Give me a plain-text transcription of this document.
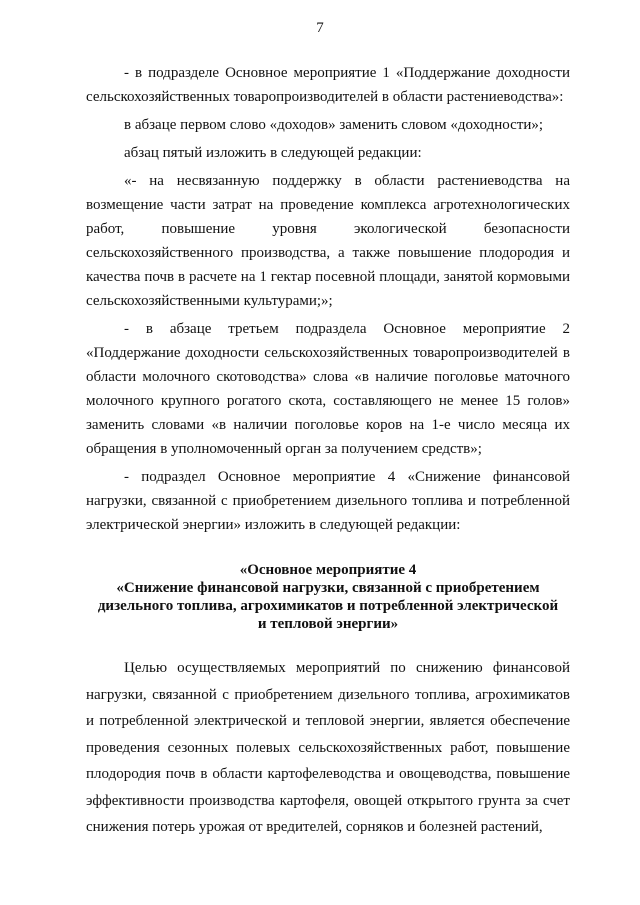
7

- в подразделе Основное мероприятие 1 «Поддержание доходности сельскохозяйственных товаропроизводителей в области растениеводства»:

в абзаце первом слово «доходов» заменить словом «доходности»;

абзац пятый изложить в следующей редакции:

«- на несвязанную поддержку в области растениеводства на возмещение части затрат на проведение комплекса агротехнологических работ, повышение уровня экологической безопасности сельскохозяйственного производства, а также повышение плодородия и качества почв в расчете на 1 гектар посевной площади, занятой кормовыми сельскохозяйственными культурами;»;

- в абзаце третьем подраздела Основное мероприятие 2 «Поддержание доходности сельскохозяйственных товаропроизводителей в области молочного скотоводства» слова «в наличие поголовье маточного молочного крупного рогатого скота, составляющего не менее 15 голов» заменить словами «в наличии поголовье коров на 1-е число месяца их обращения в уполномоченный орган за получением средств»;

- подраздел Основное мероприятие 4 «Снижение финансовой нагрузки, связанной с приобретением дизельного топлива и потребленной электрической энергии» изложить в следующей редакции:

«Основное мероприятие 4
«Снижение финансовой нагрузки, связанной с приобретением
дизельного топлива, агрохимикатов и потребленной электрической
и тепловой энергии»

Целью осуществляемых мероприятий по снижению финансовой нагрузки, связанной с приобретением дизельного топлива, агрохимикатов и потребленной электрической и тепловой энергии, является обеспечение проведения сезонных полевых сельскохозяйственных работ, повышение плодородия почв в области картофелеводства и овощеводства, повышение эффективности производства картофеля, овощей открытого грунта за счет снижения потерь урожая от вредителей, сорняков и болезней растений,
